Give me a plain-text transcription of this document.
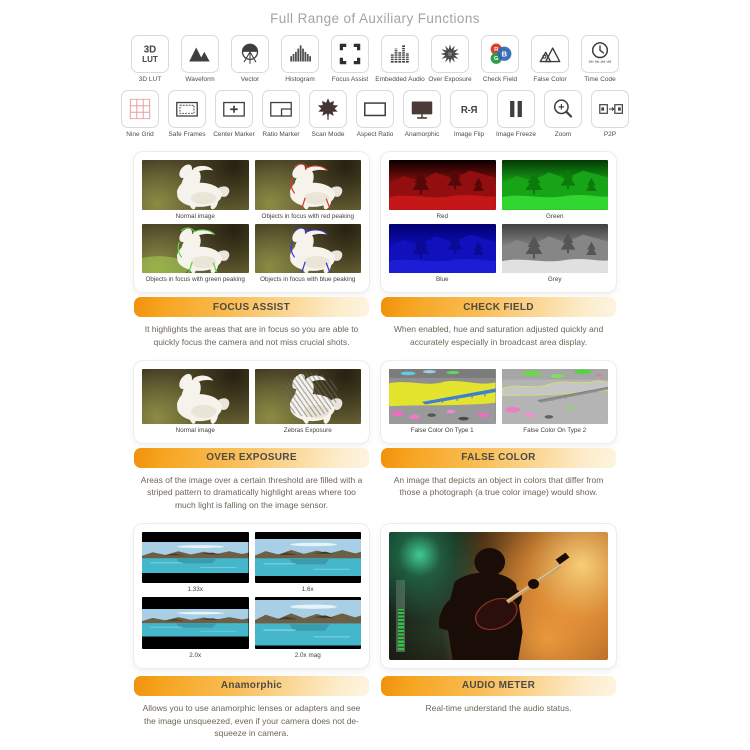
Full Range of Auxiliary Functions
3D
LUT
3D LUT	Waveform	Vector	Histogram	Focus Assist Embedded Audio Over Exposure
R
G
B
Check Field False Color
00:00:00:00
Time Code
Nine Grid Safe Frames Center Marker Ratio Marker Scan Mode Aspect Ratio Anamorphic
R-Я
Image Flip Image Freeze	Zoom	P2P
Normal image	Objects in focus with red peaking
Objects in focus with green peaking	Objects in focus with blue peaking
FOCUS ASSIST
It highlights the areas that are in focus so you are able to quickly focus the camera and not miss crucial shots.
Red	Green
Blue	Grey
CHECK FIELD
When enabled, hue and saturation adjusted quickly and accurately especially in broadcast area display.
Normal image	Zebras Exposure
OVER EXPOSURE
Areas of the image over a certain threshold are filled with a striped pattern to dramatically highlight areas where too much light is falling on the image sensor.
False Color On Type 1	False Color On Type 2
FALSE COLOR
An image that depicts an object in colors that differ from those a photograph (a true color image) would show.
1.33x	1.6x
2.0x	2.0x mag
Anamorphic
Allows you to use anamorphic lenses or adapters and see the image unsqueezed, even if your camera does not de-squeeze in camera.
AUDIO METER
Real-time understand the audio status.
